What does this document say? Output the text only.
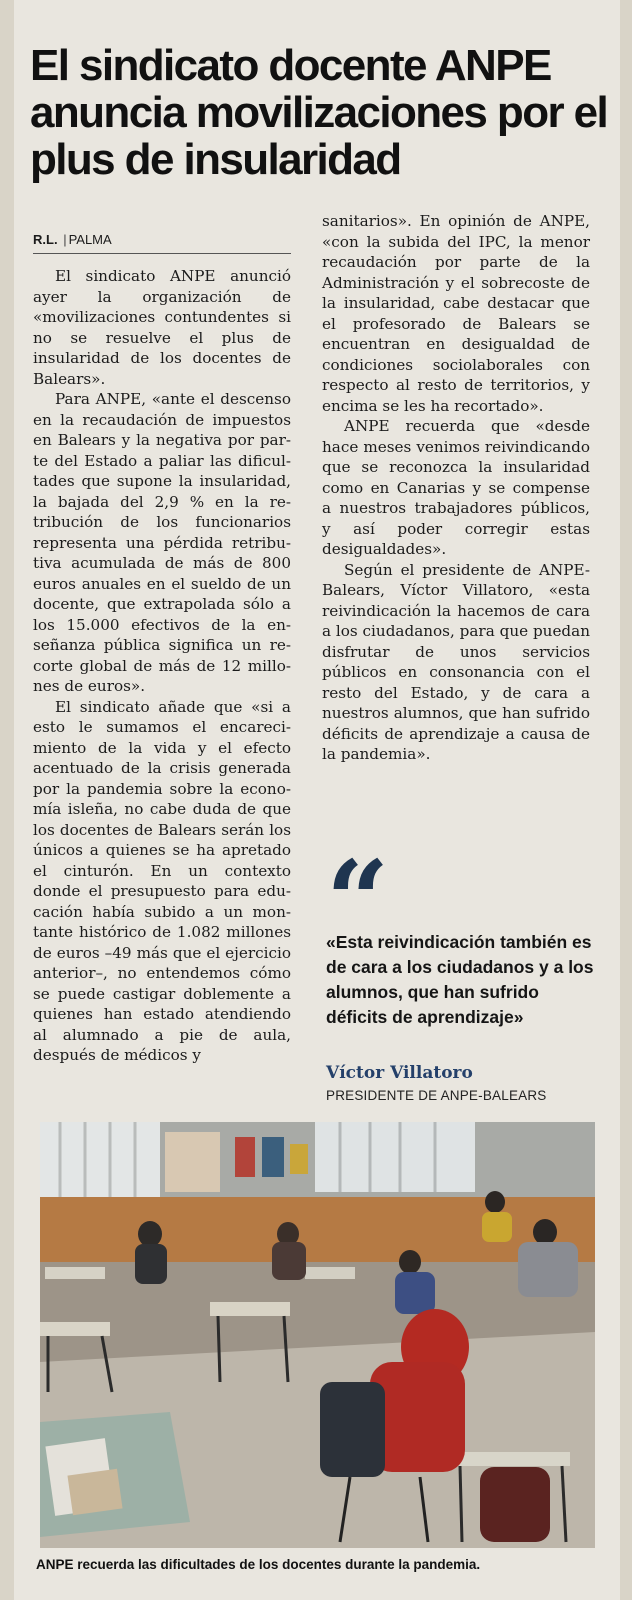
El sindicato docente ANPE anuncia movilizaciones por el plus de insularidad
R.L. | PALMA

El sindicato ANPE anunció ayer la organización de «movilizaciones contundentes si no se resuelve el plus de insularidad de los docentes de Balears».

Para ANPE, «ante el descenso en la recaudación de impuestos en Balears y la negativa por parte del Estado a paliar las dificultades que supone la insularidad, la bajada del 2,9 % en la retribución de los funcionarios representa una pérdida retributiva acumulada de más de 800 euros anuales en el sueldo de un docente, que extrapolada sólo a los 15.000 efectivos de la enseñanza pública significa un recorte global de más de 12 millones de euros».

El sindicato añade que «si a esto le sumamos el encarecimiento de la vida y el efecto acentuado de la crisis generada por la pandemia sobre la economía isleña, no cabe duda de que los docentes de Balears serán los únicos a quienes se ha apretado el cinturón. En un contexto donde el presupuesto para educación había subido a un montante histórico de 1.082 millones de euros –49 más que el ejercicio anterior–, no entendemos cómo se puede castigar doblemente a quienes han estado atendiendo al alumnado a pie de aula, después de médicos y

sanitarios». En opinión de ANPE, «con la subida del IPC, la menor recaudación por parte de la Administración y el sobrecoste de la insularidad, cabe destacar que el profesorado de Balears se encuentran en desigualdad de condiciones sociolaborales con respecto al resto de territorios, y encima se les ha recortado».

ANPE recuerda que «desde hace meses venimos reivindicando que se reconozca la insularidad como en Canarias y se compense a nuestros trabajadores públicos, y así poder corregir estas desigualdades».

Según el presidente de ANPE-Balears, Víctor Villatoro, «esta reivindicación la hacemos de cara a los ciudadanos, para que puedan disfrutar de unos servicios públicos en consonancia con el resto del Estado, y de cara a nuestros alumnos, que han sufrido déficits de aprendizaje a causa de la pandemia».

“

«Esta reivindicación también es de cara a los ciudadanos y a los alumnos, que han sufrido déficits de aprendizaje»

Víctor Villatoro
PRESIDENTE DE ANPE-BALEARS
ANPE recuerda las dificultades de los docentes durante la pandemia.
